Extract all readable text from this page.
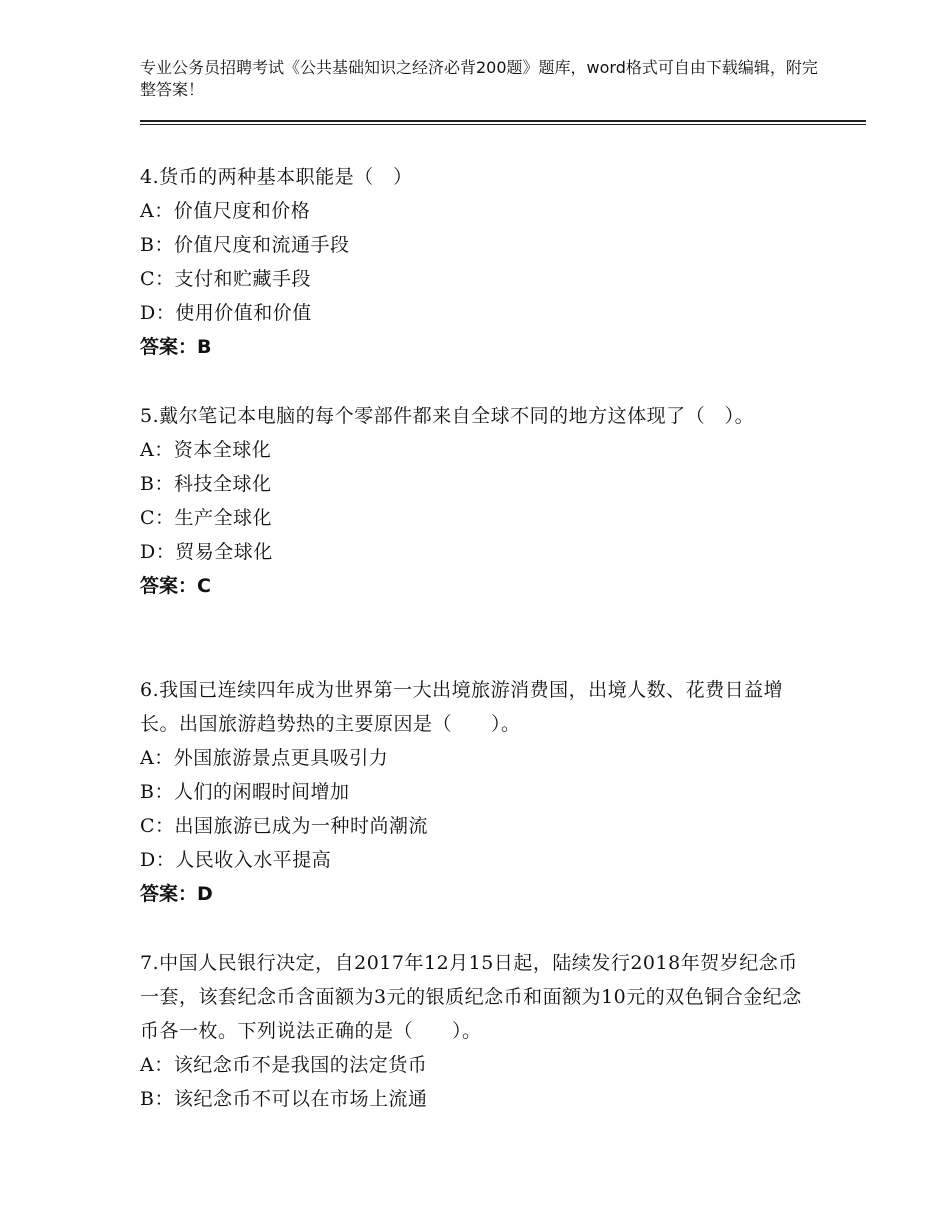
专业公务员招聘考试《公共基础知识之经济必背200题》题库，word格式可自由下载编辑，附完整答案！

4.货币的两种基本职能是（　）

A：价值尺度和价格

B：价值尺度和流通手段

C：支付和贮藏手段

D：使用价值和价值

答案：B

5.戴尔笔记本电脑的每个零部件都来自全球不同的地方这体现了（　）。

A：资本全球化

B：科技全球化

C：生产全球化

D：贸易全球化

答案：C

6.我国已连续四年成为世界第一大出境旅游消费国，出境人数、花费日益增长。出国旅游趋势热的主要原因是（　　）。

A：外国旅游景点更具吸引力

B：人们的闲暇时间增加

C：出国旅游已成为一种时尚潮流

D：人民收入水平提高

答案：D

7.中国人民银行决定，自2017年12月15日起，陆续发行2018年贺岁纪念币一套，该套纪念币含面额为3元的银质纪念币和面额为10元的双色铜合金纪念币各一枚。下列说法正确的是（　　）。

A：该纪念币不是我国的法定货币

B：该纪念币不可以在市场上流通
